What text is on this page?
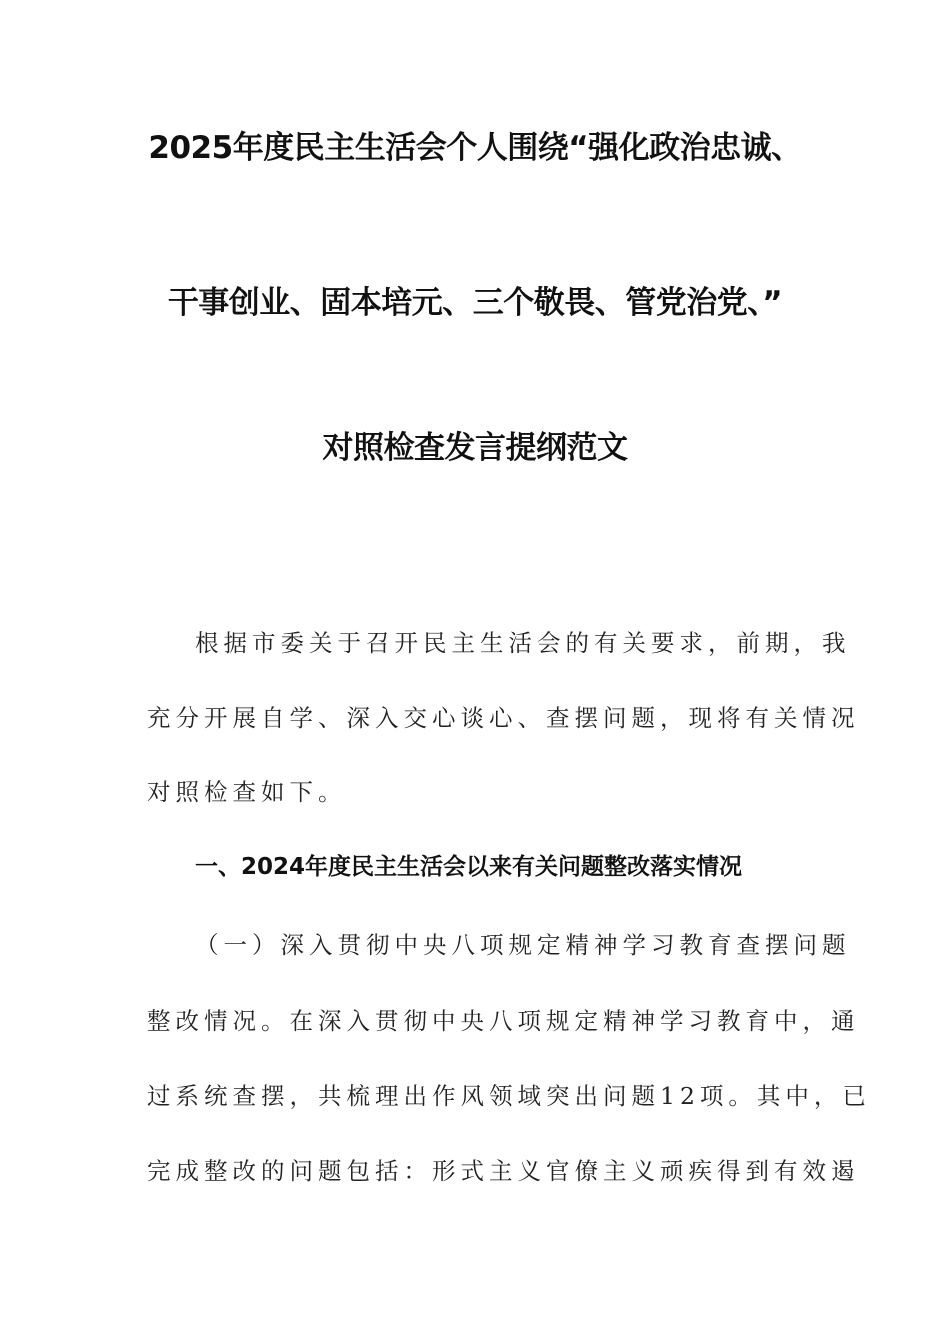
2025年度民主生活会个人围绕“强化政治忠诚、
干事创业、固本培元、三个敬畏、管党治党、”
对照检查发言提纲范文
根据市委关于召开民主生活会的有关要求，前期，我
充分开展自学、深入交心谈心、查摆问题，现将有关情况
对照检查如下。
一、2024年度民主生活会以来有关问题整改落实情况
（一）深入贯彻中央八项规定精神学习教育查摆问题
整改情况。在深入贯彻中央八项规定精神学习教育中，通
过系统查摆，共梳理出作风领域突出问题12项。其中，已
完成整改的问题包括：形式主义官僚主义顽疾得到有效遏
